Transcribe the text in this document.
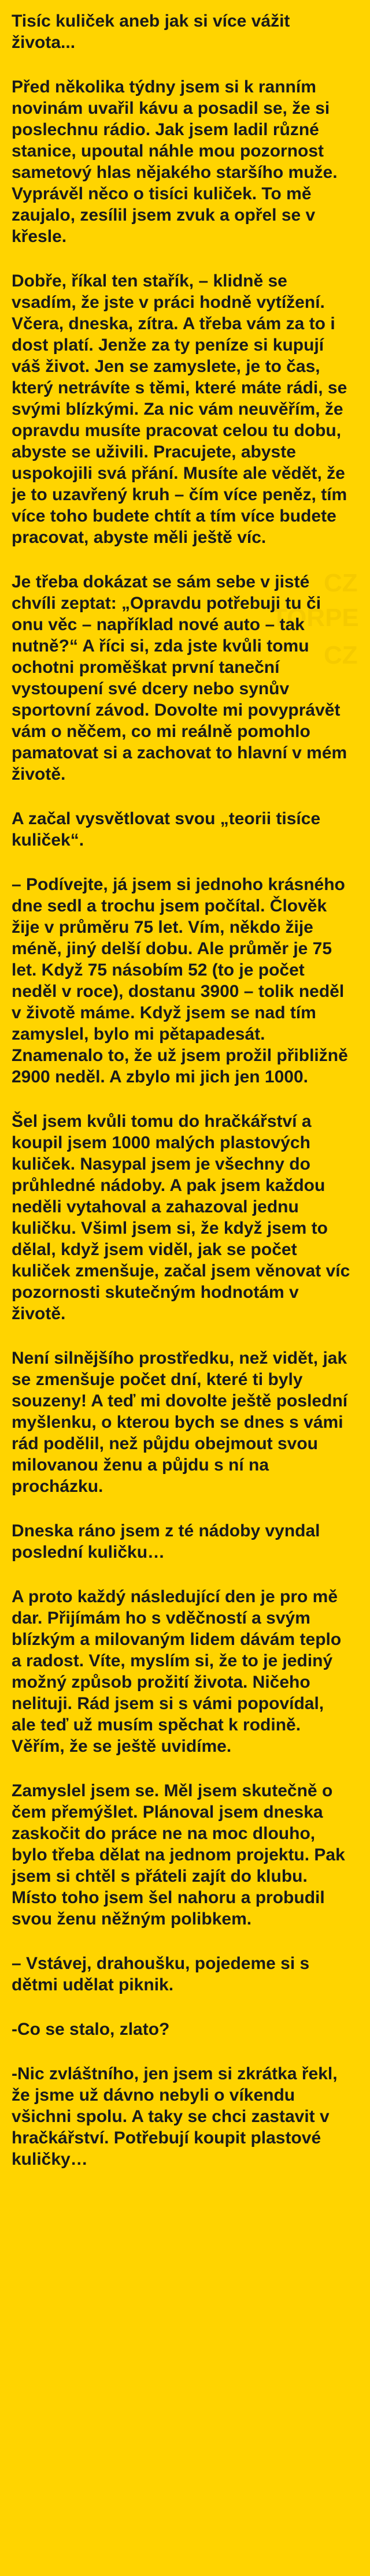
CZ
TORPE
CZ
Tisíc kuliček aneb jak si více vážit života...

Před několika týdny jsem si k ranním novinám uvařil kávu a posadil se, že si poslechnu rádio. Jak jsem ladil různé stanice, upoutal náhle mou pozornost sametový hlas nějakého staršího muže. Vyprávěl něco o tisíci kuliček. To mě zaujalo, zesílil jsem zvuk a opřel se v křesle.

Dobře, říkal ten stařík, – klidně se vsadím, že jste v práci hodně vytížení. Včera, dneska, zítra. A třeba vám za to i dost platí. Jenže za ty peníze si kupují váš život. Jen se zamyslete, je to čas, který netrávíte s těmi, které máte rádi, se svými blízkými. Za nic vám neuvěřím, že opravdu musíte pracovat celou tu dobu, abyste se uživili. Pracujete, abyste uspokojili svá přání. Musíte ale vědět, že je to uzavřený kruh – čím více peněz, tím více toho budete chtít a tím více budete pracovat, abyste měli ještě víc.

Je třeba dokázat se sám sebe v jisté chvíli zeptat: „Opravdu potřebuji tu či onu věc – například nové auto – tak nutně?“ A říci si, zda jste kvůli tomu ochotni proměškat první taneční vystoupení své dcery nebo synův sportovní závod. Dovolte mi povyprávět vám o něčem, co mi reálně pomohlo pamatovat si a zachovat to hlavní v mém životě.

A začal vysvětlovat svou „teorii tisíce kuliček“.

– Podívejte, já jsem si jednoho krásného dne sedl a trochu jsem počítal. Člověk žije v průměru 75 let. Vím, někdo žije méně, jiný delší dobu. Ale průměr je 75 let. Když 75 násobím 52 (to je počet neděl v roce), dostanu 3900 – tolik neděl v životě máme. Když jsem se nad tím zamyslel, bylo mi pětapadesát. Znamenalo to, že už jsem prožil přibližně 2900 neděl. A zbylo mi jich jen 1000.

Šel jsem kvůli tomu do hračkářství a koupil jsem 1000 malých plastových kuliček. Nasypal jsem je všechny do průhledné nádoby. A pak jsem každou neděli vytahoval a zahazoval jednu kuličku. Všiml jsem si, že když jsem to dělal, když jsem viděl, jak se počet kuliček zmenšuje, začal jsem věnovat víc pozornosti skutečným hodnotám v životě.

Není silnějšího prostředku, než vidět, jak se zmenšuje počet dní, které ti byly souzeny! A teď mi dovolte ještě poslední myšlenku, o kterou bych se dnes s vámi rád podělil, než půjdu obejmout svou milovanou ženu a půjdu s ní na procházku.

Dneska ráno jsem z té nádoby vyndal poslední kuličku…

A proto každý následující den je pro mě dar. Přijímám ho s vděčností a svým blízkým a milovaným lidem dávám teplo a radost. Víte, myslím si, že to je jediný možný způsob prožití života. Ničeho nelituji. Rád jsem si s vámi popovídal, ale teď už musím spěchat k rodině. Věřím, že se ještě uvidíme.

Zamyslel jsem se. Měl jsem skutečně o čem přemýšlet. Plánoval jsem dneska zaskočit do práce ne na moc dlouho, bylo třeba dělat na jednom projektu. Pak jsem si chtěl s přáteli zajít do klubu. Místo toho jsem šel nahoru a probudil svou ženu něžným polibkem.

– Vstávej, drahoušku, pojedeme si s dětmi udělat piknik.

-Co se stalo, zlato?

-Nic zvláštního, jen jsem si zkrátka řekl, že jsme už dávno nebyli o víkendu všichni spolu. A taky se chci zastavit v hračkářství. Potřebují koupit plastové kuličky…
